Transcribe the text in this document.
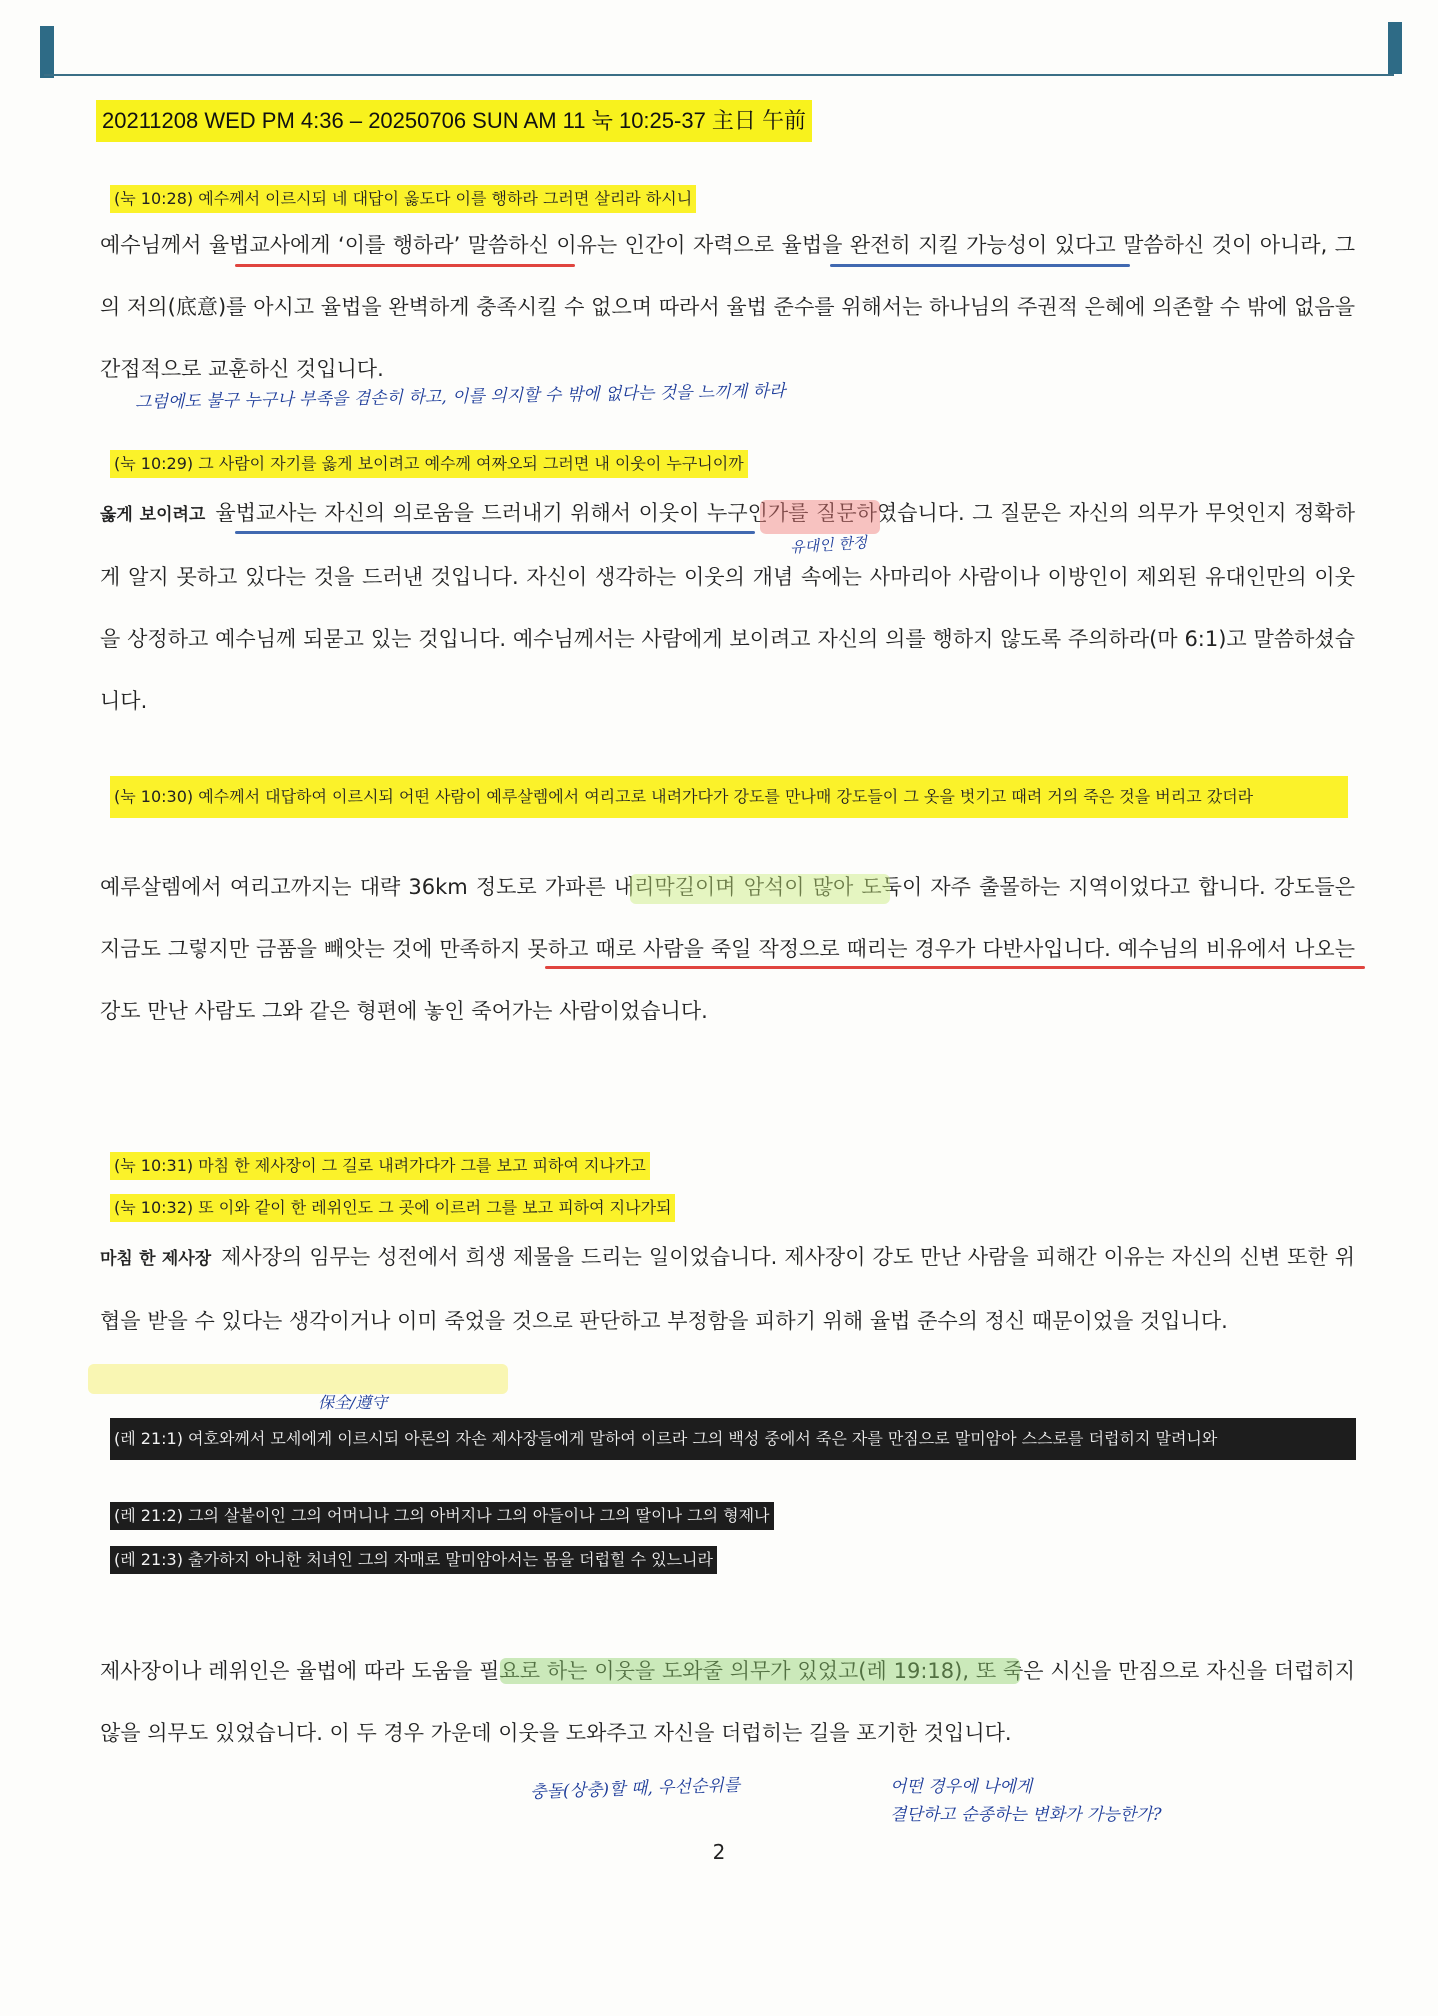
20211208 WED PM 4:36 – 20250706 SUN AM 11 눅 10:25-37 主日 午前
(눅 10:28) 예수께서 이르시되 네 대답이 옳도다 이를 행하라 그러면 살리라 하시니
예수님께서 율법교사에게 ‘이를 행하라’ 말씀하신 이유는 인간이 자력으로 율법을 완전히 지킬 가능성이 있다고 말씀하신 것이 아니라, 그의 저의(底意)를 아시고 율법을 완벽하게 충족시킬 수 없으며 따라서 율법 준수를 위해서는 하나님의 주권적 은혜에 의존할 수 밖에 없음을 간접적으로 교훈하신 것입니다.
그럼에도 불구 누구나 부족을 겸손히 하고, 이를 의지할 수 밖에 없다는 것을 느끼게 하라
(눅 10:29) 그 사람이 자기를 옳게 보이려고 예수께 여짜오되 그러면 내 이웃이 누구니이까
옳게 보이려고 율법교사는 자신의 의로움을 드러내기 위해서 이웃이 누구인가를 질문하였습니다. 그 질문은 자신의 의무가 무엇인지 정확하게 알지 못하고 있다는 것을 드러낸 것입니다. 자신이 생각하는 이웃의 개념 속에는 사마리아 사람이나 이방인이 제외된 유대인만의 이웃을 상정하고 예수님께 되묻고 있는 것입니다. 예수님께서는 사람에게 보이려고 자신의 의를 행하지 않도록 주의하라(마 6:1)고 말씀하셨습니다.
유대인 한정
(눅 10:30) 예수께서 대답하여 이르시되 어떤 사람이 예루살렘에서 여리고로 내려가다가 강도를 만나매 강도들이 그 옷을 벗기고 때려 거의 죽은 것을 버리고 갔더라
예루살렘에서 여리고까지는 대략 36km 정도로 가파른 내리막길이며 암석이 많아 도둑이 자주 출몰하는 지역이었다고 합니다. 강도들은 지금도 그렇지만 금품을 빼앗는 것에 만족하지 못하고 때로 사람을 죽일 작정으로 때리는 경우가 다반사입니다. 예수님의 비유에서 나오는 강도 만난 사람도 그와 같은 형편에 놓인 죽어가는 사람이었습니다.
(눅 10:31) 마침 한 제사장이 그 길로 내려가다가 그를 보고 피하여 지나가고
(눅 10:32) 또 이와 같이 한 레위인도 그 곳에 이르러 그를 보고 피하여 지나가되
마침 한 제사장 제사장의 임무는 성전에서 희생 제물을 드리는 일이었습니다. 제사장이 강도 만난 사람을 피해간 이유는 자신의 신변 또한 위협을 받을 수 있다는 생각이거나 이미 죽었을 것으로 판단하고 부정함을 피하기 위해 율법 준수의 정신 때문이었을 것입니다.
保全/遵守
(레 21:1) 여호와께서 모세에게 이르시되 아론의 자손 제사장들에게 말하여 이르라 그의 백성 중에서 죽은 자를 만짐으로 말미암아 스스로를 더럽히지 말려니와
(레 21:2) 그의 살붙이인 그의 어머니나 그의 아버지나 그의 아들이나 그의 딸이나 그의 형제나
(레 21:3) 출가하지 아니한 처녀인 그의 자매로 말미암아서는 몸을 더럽힐 수 있느니라
제사장이나 레위인은 율법에 따라 도움을 필요로 하는 이웃을 도와줄 의무가 있었고(레 19:18), 또 죽은 시신을 만짐으로 자신을 더럽히지 않을 의무도 있었습니다. 이 두 경우 가운데 이웃을 도와주고 자신을 더럽히는 길을 포기한 것입니다.
충돌(상충)할 때, 우선순위를	어떤 경우에 나에게
결단하고 순종하는 변화가 가능한가?
2
